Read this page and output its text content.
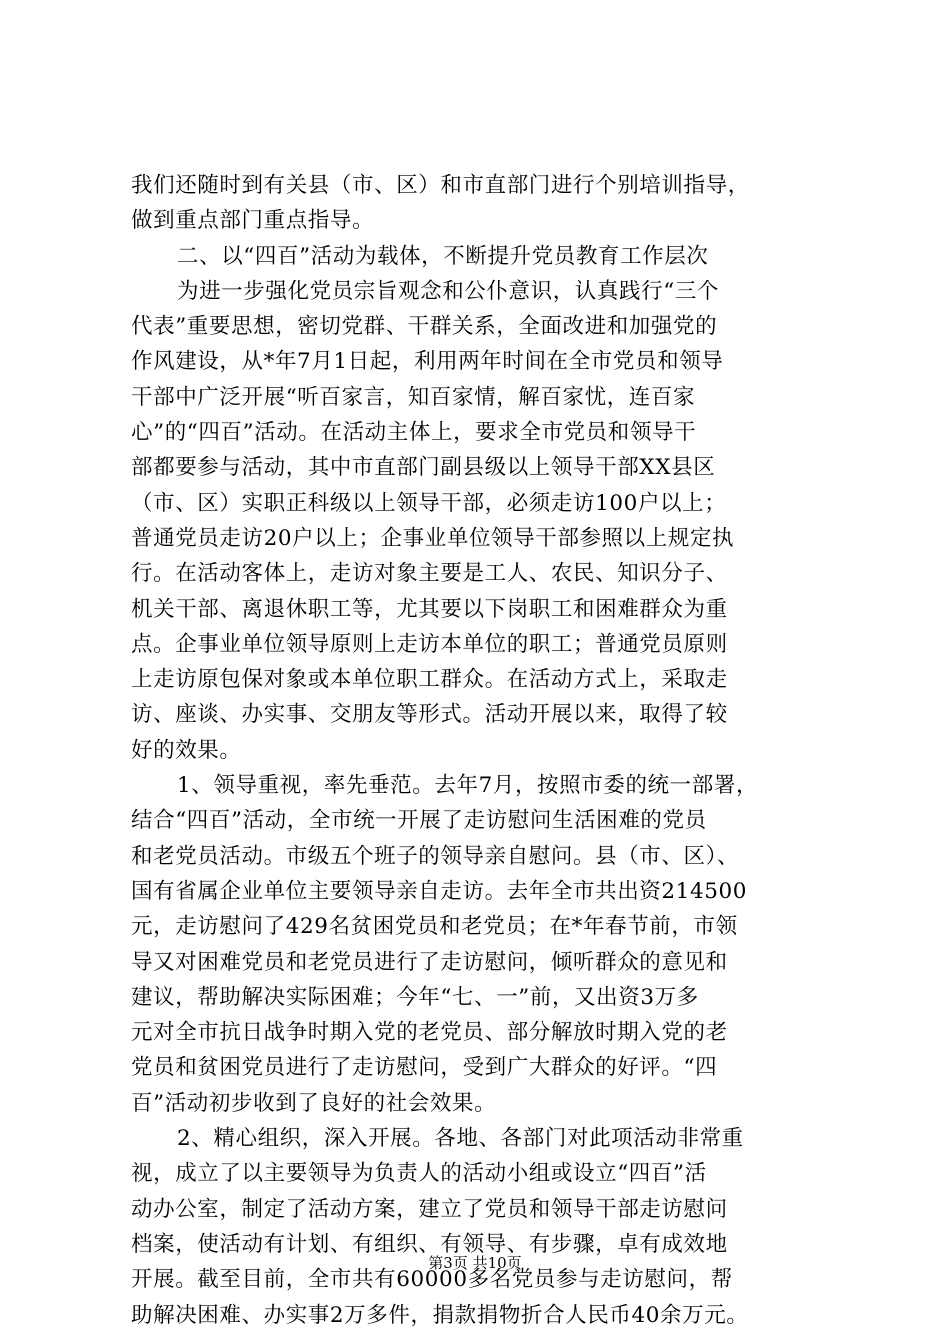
我们还随时到有关县（市、区）和市直部门进行个别培训指导，
做到重点部门重点指导。
二、以“四百”活动为载体，不断提升党员教育工作层次
为进一步强化党员宗旨观念和公仆意识，认真践行“三个
代表”重要思想，密切党群、干群关系，全面改进和加强党的
作风建设，从*年7月1日起，利用两年时间在全市党员和领导
干部中广泛开展“听百家言，知百家情，解百家忧，连百家
心”的“四百”活动。在活动主体上，要求全市党员和领导干
部都要参与活动，其中市直部门副县级以上领导干部XX县区
（市、区）实职正科级以上领导干部，必须走访100户以上；
普通党员走访20户以上；企事业单位领导干部参照以上规定执
行。在活动客体上，走访对象主要是工人、农民、知识分子、
机关干部、离退休职工等，尤其要以下岗职工和困难群众为重
点。企事业单位领导原则上走访本单位的职工；普通党员原则
上走访原包保对象或本单位职工群众。在活动方式上，采取走
访、座谈、办实事、交朋友等形式。活动开展以来，取得了较
好的效果。
1、领导重视，率先垂范。去年7月，按照市委的统一部署，
结合“四百”活动，全市统一开展了走访慰问生活困难的党员
和老党员活动。市级五个班子的领导亲自慰问。县（市、区）、
国有省属企业单位主要领导亲自走访。去年全市共出资214500
元，走访慰问了429名贫困党员和老党员；在*年春节前，市领
导又对困难党员和老党员进行了走访慰问，倾听群众的意见和
建议，帮助解决实际困难；今年“七、一”前，又出资3万多
元对全市抗日战争时期入党的老党员、部分解放时期入党的老
党员和贫困党员进行了走访慰问，受到广大群众的好评。“四
百”活动初步收到了良好的社会效果。
2、精心组织，深入开展。各地、各部门对此项活动非常重
视，成立了以主要领导为负责人的活动小组或设立“四百”活
动办公室，制定了活动方案，建立了党员和领导干部走访慰问
档案，使活动有计划、有组织、有领导、有步骤，卓有成效地
开展。截至目前，全市共有60000多名党员参与走访慰问，帮
助解决困难、办实事2万多件，捐款捐物折合人民币40余万元。
第3页 共10页
